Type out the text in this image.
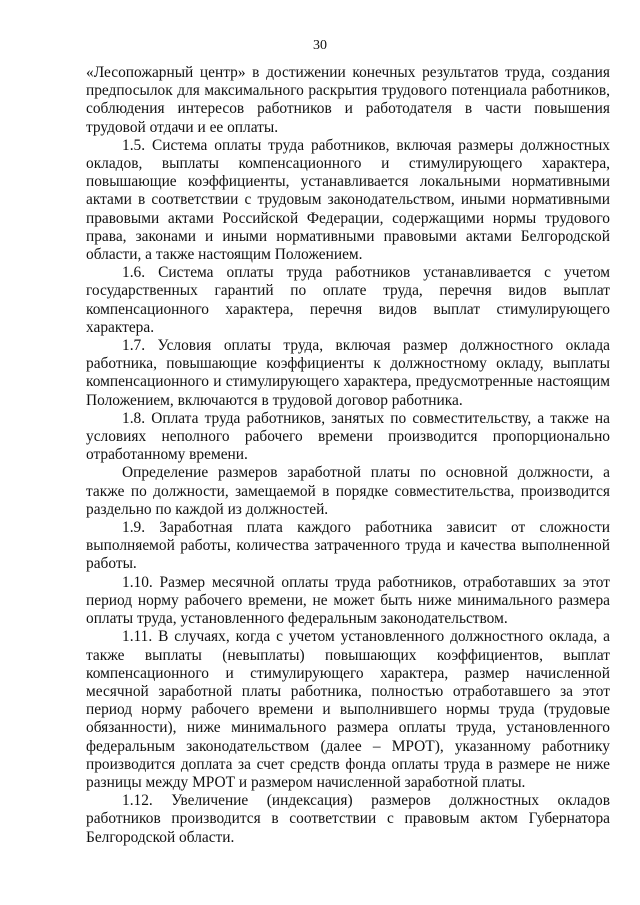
30

«Лесопожарный центр» в достижении конечных результатов труда, создания предпосылок для максимального раскрытия трудового потенциала работников, соблюдения интересов работников и работодателя в части повышения трудовой отдачи и ее оплаты.

1.5. Система оплаты труда работников, включая размеры должностных окладов, выплаты компенсационного и стимулирующего характера, повышающие коэффициенты, устанавливается локальными нормативными актами в соответствии с трудовым законодательством, иными нормативными правовыми актами Российской Федерации, содержащими нормы трудового права, законами и иными нормативными правовыми актами Белгородской области, а также настоящим Положением.

1.6. Система оплаты труда работников устанавливается с учетом государственных гарантий по оплате труда, перечня видов выплат компенсационного характера, перечня видов выплат стимулирующего характера.

1.7. Условия оплаты труда, включая размер должностного оклада работника, повышающие коэффициенты к должностному окладу, выплаты компенсационного и стимулирующего характера, предусмотренные настоящим Положением, включаются в трудовой договор работника.

1.8. Оплата труда работников, занятых по совместительству, а также на условиях неполного рабочего времени производится пропорционально отработанному времени.

Определение размеров заработной платы по основной должности, а также по должности, замещаемой в порядке совместительства, производится раздельно по каждой из должностей.

1.9. Заработная плата каждого работника зависит от сложности выполняемой работы, количества затраченного труда и качества выполненной работы.

1.10. Размер месячной оплаты труда работников, отработавших за этот период норму рабочего времени, не может быть ниже минимального размера оплаты труда, установленного федеральным законодательством.

1.11. В случаях, когда с учетом установленного должностного оклада, а также выплаты (невыплаты) повышающих коэффициентов, выплат компенсационного и стимулирующего характера, размер начисленной месячной заработной платы работника, полностью отработавшего за этот период норму рабочего времени и выполнившего нормы труда (трудовые обязанности), ниже минимального размера оплаты труда, установленного федеральным законодательством (далее – МРОТ), указанному работнику производится доплата за счет средств фонда оплаты труда в размере не ниже разницы между МРОТ и размером начисленной заработной платы.

1.12. Увеличение (индексация) размеров должностных окладов работников производится в соответствии с правовым актом Губернатора Белгородской области.
